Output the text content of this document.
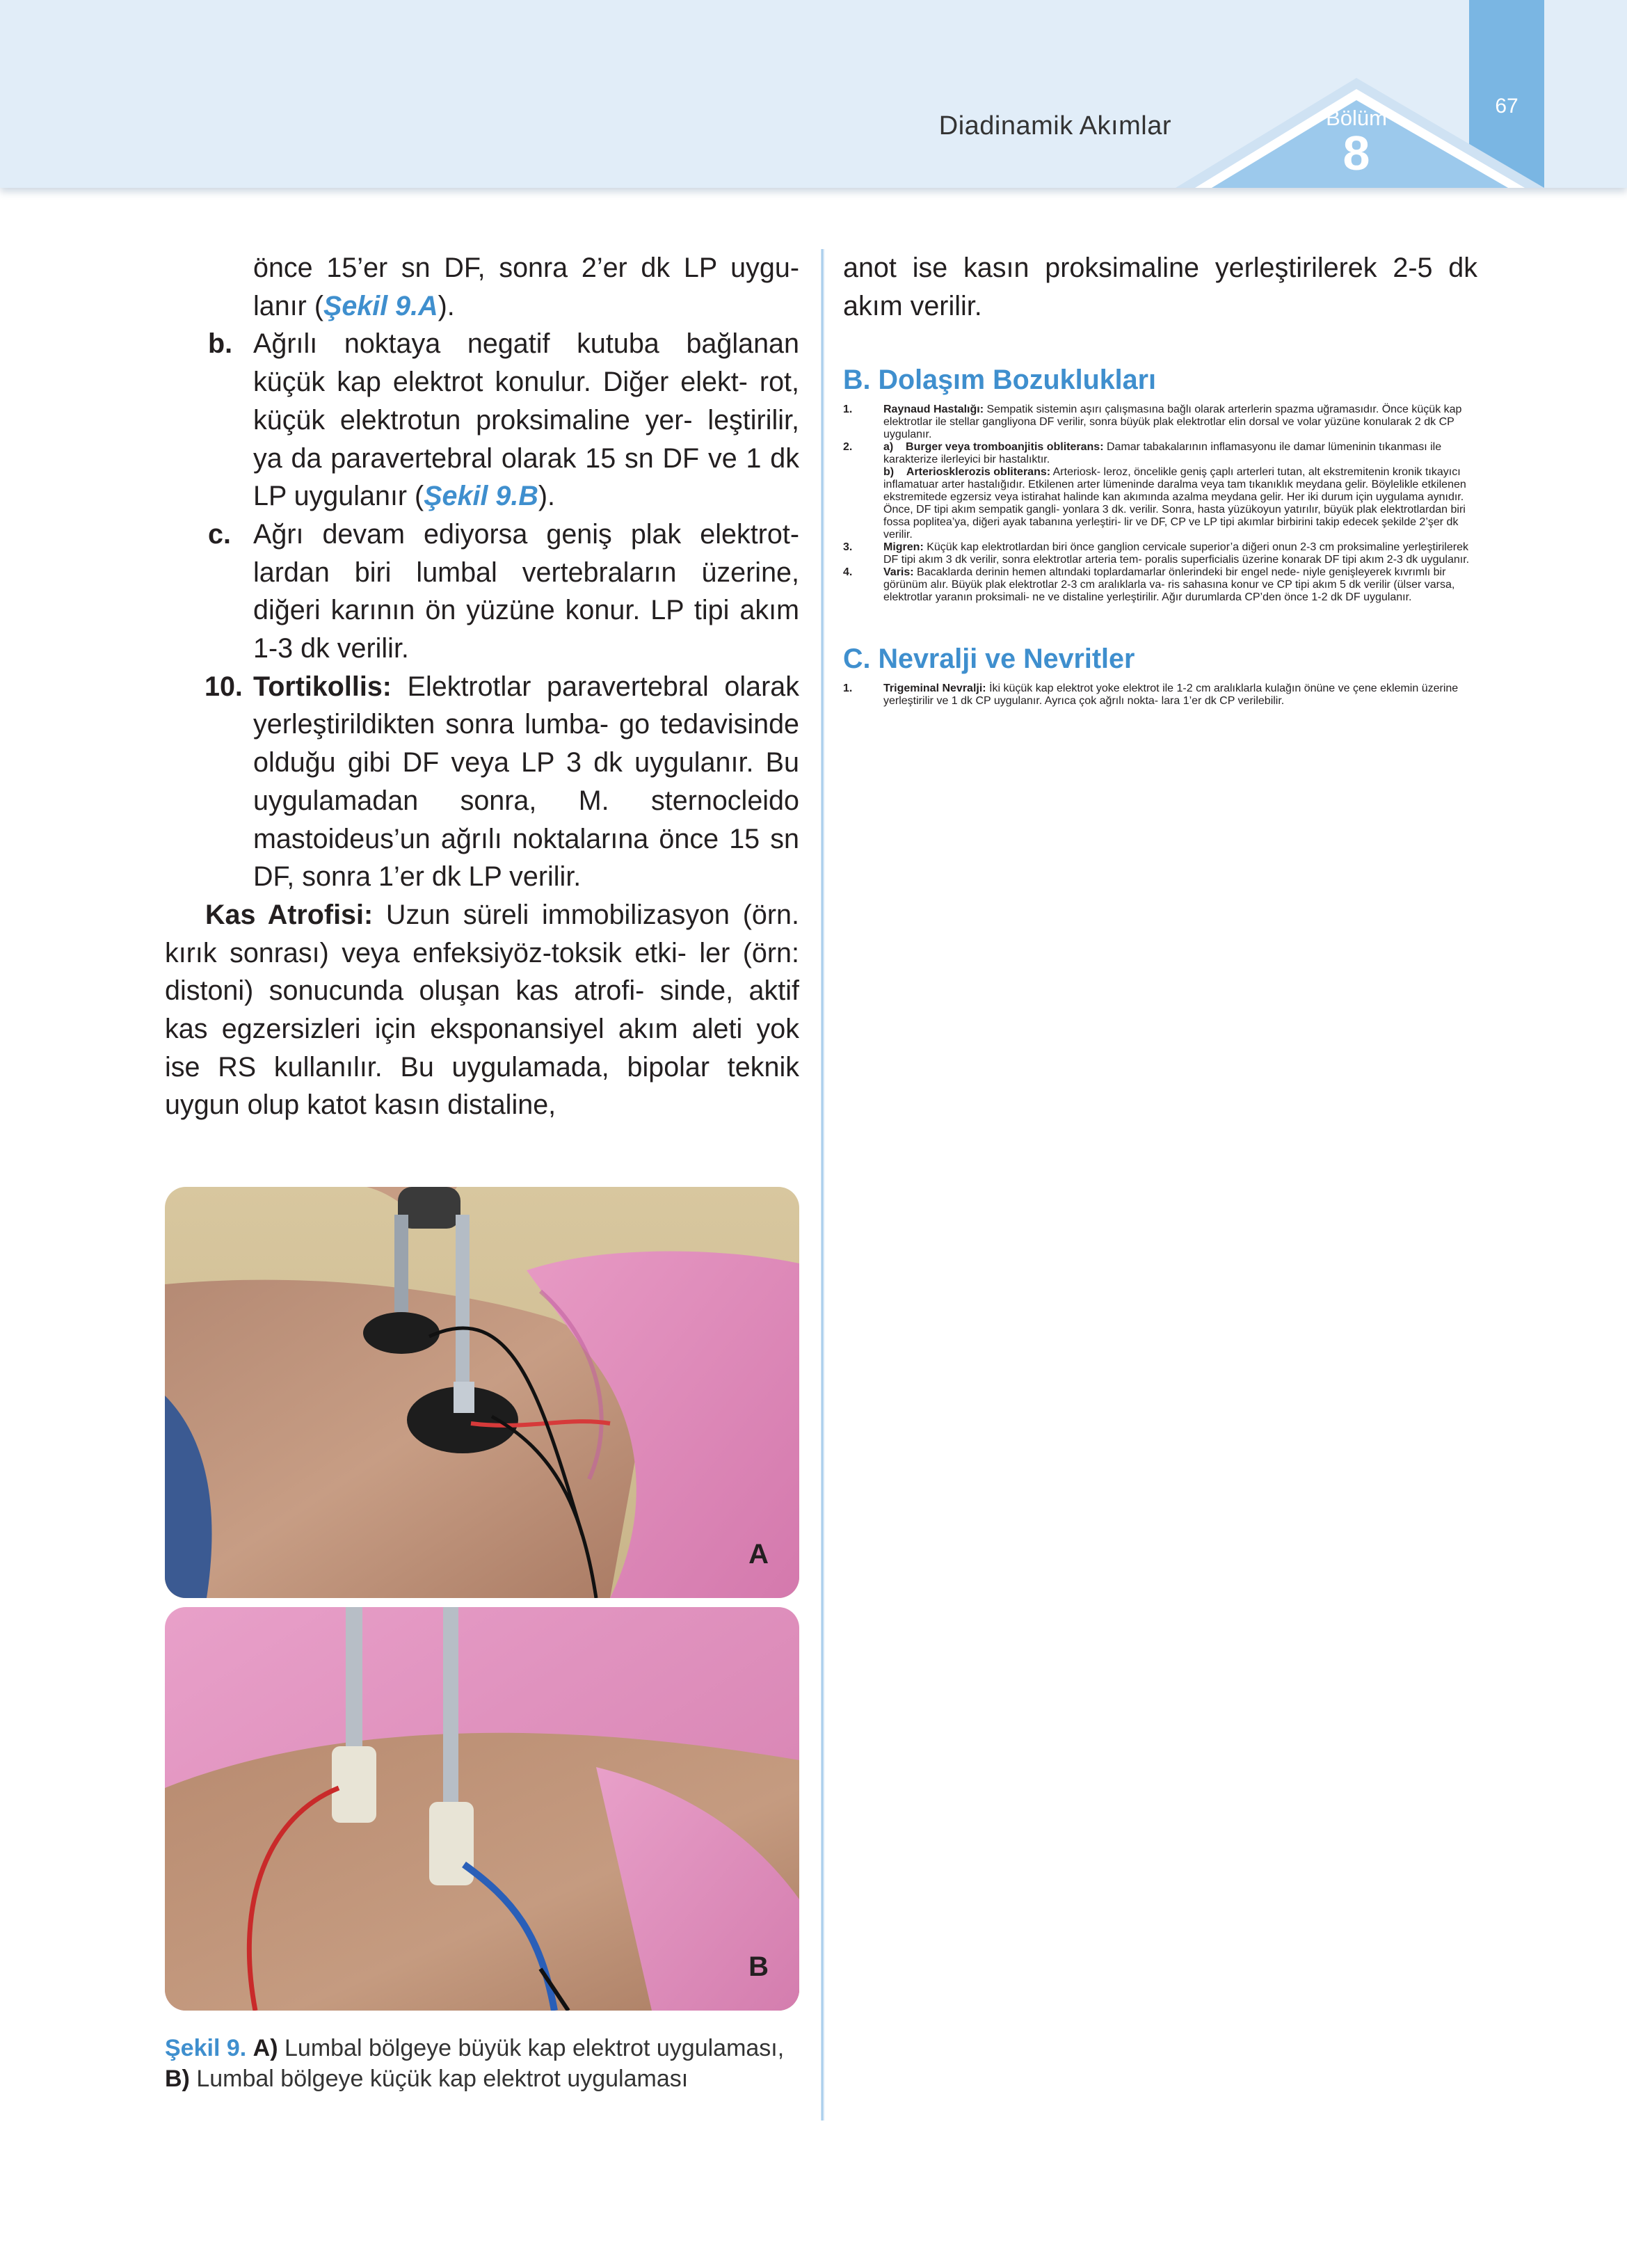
Diadinamik Akımlar
67
Bölüm
8

önce 15’er sn DF, sonra 2’er dk LP uygu- lanır (Şekil 9.A).

b. Ağrılı noktaya negatif kutuba bağlanan küçük kap elektrot konulur. Diğer elekt- rot, küçük elektrotun proksimaline yer- leştirilir, ya da paravertebral olarak 15 sn DF ve 1 dk LP uygulanır (Şekil 9.B).
c. Ağrı devam ediyorsa geniş plak elektrot- lardan biri lumbal vertebraların üzerine, diğeri karının ön yüzüne konur. LP tipi akım 1-3 dk verilir.
10. Tortikollis: Elektrotlar paravertebral olarak yerleştirildikten sonra lumba- go tedavisinde olduğu gibi DF veya LP 3 dk uygulanır. Bu uygulamadan sonra, M. sternocleido mastoideus’un ağrılı noktalarına önce 15 sn DF, sonra 1’er dk LP verilir.

Kas Atrofisi: Uzun süreli immobilizasyon (örn. kırık sonrası) veya enfeksiyöz-toksik etki- ler (örn: distoni) sonucunda oluşan kas atrofi- sinde, aktif kas egzersizleri için eksponansiyel akım aleti yok ise RS kullanılır. Bu uygulamada, bipolar teknik uygun olup katot kasın distaline,

A
B
Şekil 9. A) Lumbal bölgeye büyük kap elektrot uygulaması, B) Lumbal bölgeye küçük kap elektrot uygulaması

anot ise kasın proksimaline yerleştirilerek 2-5 dk akım verilir.

B. Dolaşım Bozuklukları

1.	Raynaud Hastalığı: Sempatik sistemin aşırı çalışmasına bağlı olarak arterlerin spazma uğramasıdır. Önce küçük kap elektrotlar ile stellar gangliyona DF verilir, sonra büyük plak elektrotlar elin dorsal ve volar yüzüne konularak 2 dk CP uygulanır.
2.	a) Burger veya tromboanjitis obliterans: Damar tabakalarının inflamasyonu ile damar lümeninin tıkanması ile karakterize ilerleyici bir hastalıktır.
b) Arteriosklerozis obliterans: Arteriosk- leroz, öncelikle geniş çaplı arterleri tutan, alt ekstremitenin kronik tıkayıcı inflamatuar arter hastalığıdır. Etkilenen arter lümeninde daralma veya tam tıkanıklık meydana gelir. Böylelikle etkilenen ekstremitede egzersiz veya istirahat halinde kan akımında azalma meydana gelir. Her iki durum için uygulama aynıdır. Önce, DF tipi akım sempatik gangli- yonlara 3 dk. verilir. Sonra, hasta yüzükoyun yatırılır, büyük plak elektrotlardan biri fossa poplitea’ya, diğeri ayak tabanına yerleştiri- lir ve DF, CP ve LP tipi akımlar birbirini takip edecek şekilde 2’şer dk verilir.
3.	Migren: Küçük kap elektrotlardan biri önce ganglion cervicale superior’a diğeri onun 2-3 cm proksimaline yerleştirilerek DF tipi akım 3 dk verilir, sonra elektrotlar arteria tem- poralis superficialis üzerine konarak DF tipi akım 2-3 dk uygulanır.
4.	Varis: Bacaklarda derinin hemen altındaki toplardamarlar önlerindeki bir engel nede- niyle genişleyerek kıvrımlı bir görünüm alır. Büyük plak elektrotlar 2-3 cm aralıklarla va- ris sahasına konur ve CP tipi akım 5 dk verilir (ülser varsa, elektrotlar yaranın proksimali- ne ve distaline yerleştirilir. Ağır durumlarda CP’den önce 1-2 dk DF uygulanır.

C. Nevralji ve Nevritler

1.	Trigeminal Nevralji: İki küçük kap elektrot yoke elektrot ile 1-2 cm aralıklarla kulağın önüne ve çene eklemin üzerine yerleştirilir ve 1 dk CP uygulanır. Ayrıca çok ağrılı nokta- lara 1’er dk CP verilebilir.
